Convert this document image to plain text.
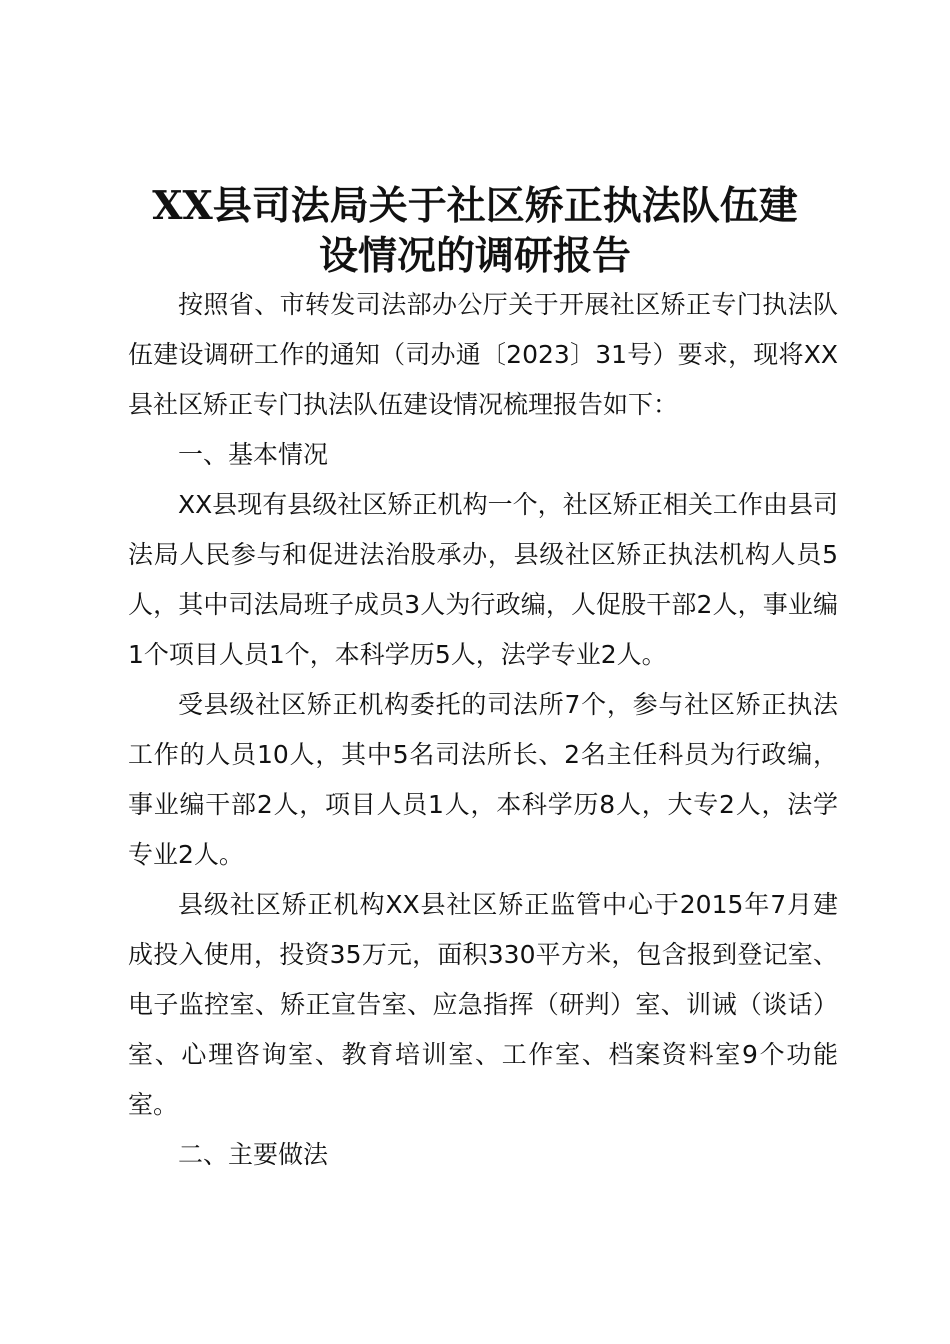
XX县司法局关于社区矫正执法队伍建
设情况的调研报告

按照省、市转发司法部办公厅关于开展社区矫正专门执法队伍建设调研工作的通知（司办通〔2023〕31号）要求，现将XX县社区矫正专门执法队伍建设情况梳理报告如下：

一、基本情况

XX县现有县级社区矫正机构一个，社区矫正相关工作由县司法局人民参与和促进法治股承办，县级社区矫正执法机构人员5人，其中司法局班子成员3人为行政编，人促股干部2人，事业编1个项目人员1个，本科学历5人，法学专业2人。

受县级社区矫正机构委托的司法所7个，参与社区矫正执法工作的人员10人，其中5名司法所长、2名主任科员为行政编，事业编干部2人，项目人员1人，本科学历8人，大专2人，法学专业2人。

县级社区矫正机构XX县社区矫正监管中心于2015年7月建成投入使用，投资35万元，面积330平方米，包含报到登记室、电子监控室、矫正宣告室、应急指挥（研判）室、训诫（谈话）室、心理咨询室、教育培训室、工作室、档案资料室9个功能室。

二、主要做法
